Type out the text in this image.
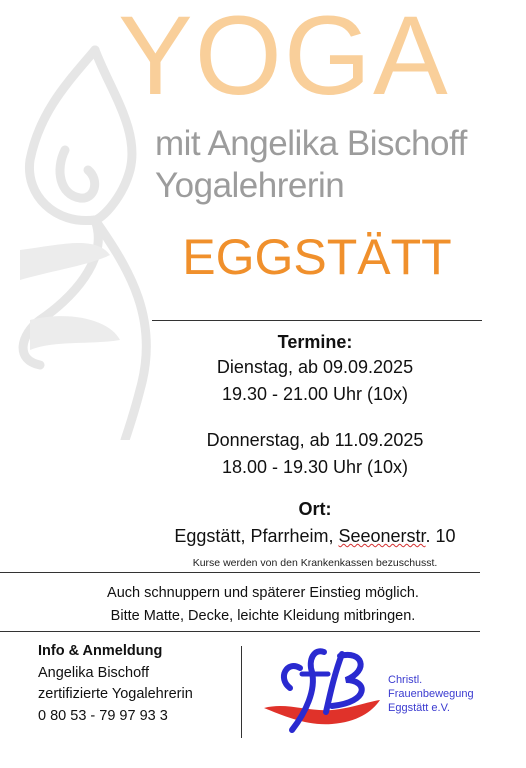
YOGA
mit Angelika Bischoff
Yogalehrerin
EGGSTÄTT
Termine:
Dienstag, ab 09.09.2025
19.30 - 21.00 Uhr (10x)
Donnerstag, ab 11.09.2025
18.00 - 19.30 Uhr (10x)
Ort:
Eggstätt, Pfarrheim, Seeonerstr. 10
Kurse werden von den Krankenkassen bezuschusst.
Auch schnuppern und späterer Einstieg möglich.
Bitte Matte, Decke, leichte Kleidung mitbringen.
Info & Anmeldung
Angelika Bischoff
zertifizierte Yogalehrerin
0 80 53 - 79 97 93 3
Christl.
Frauenbewegung
Eggstätt e.V.
